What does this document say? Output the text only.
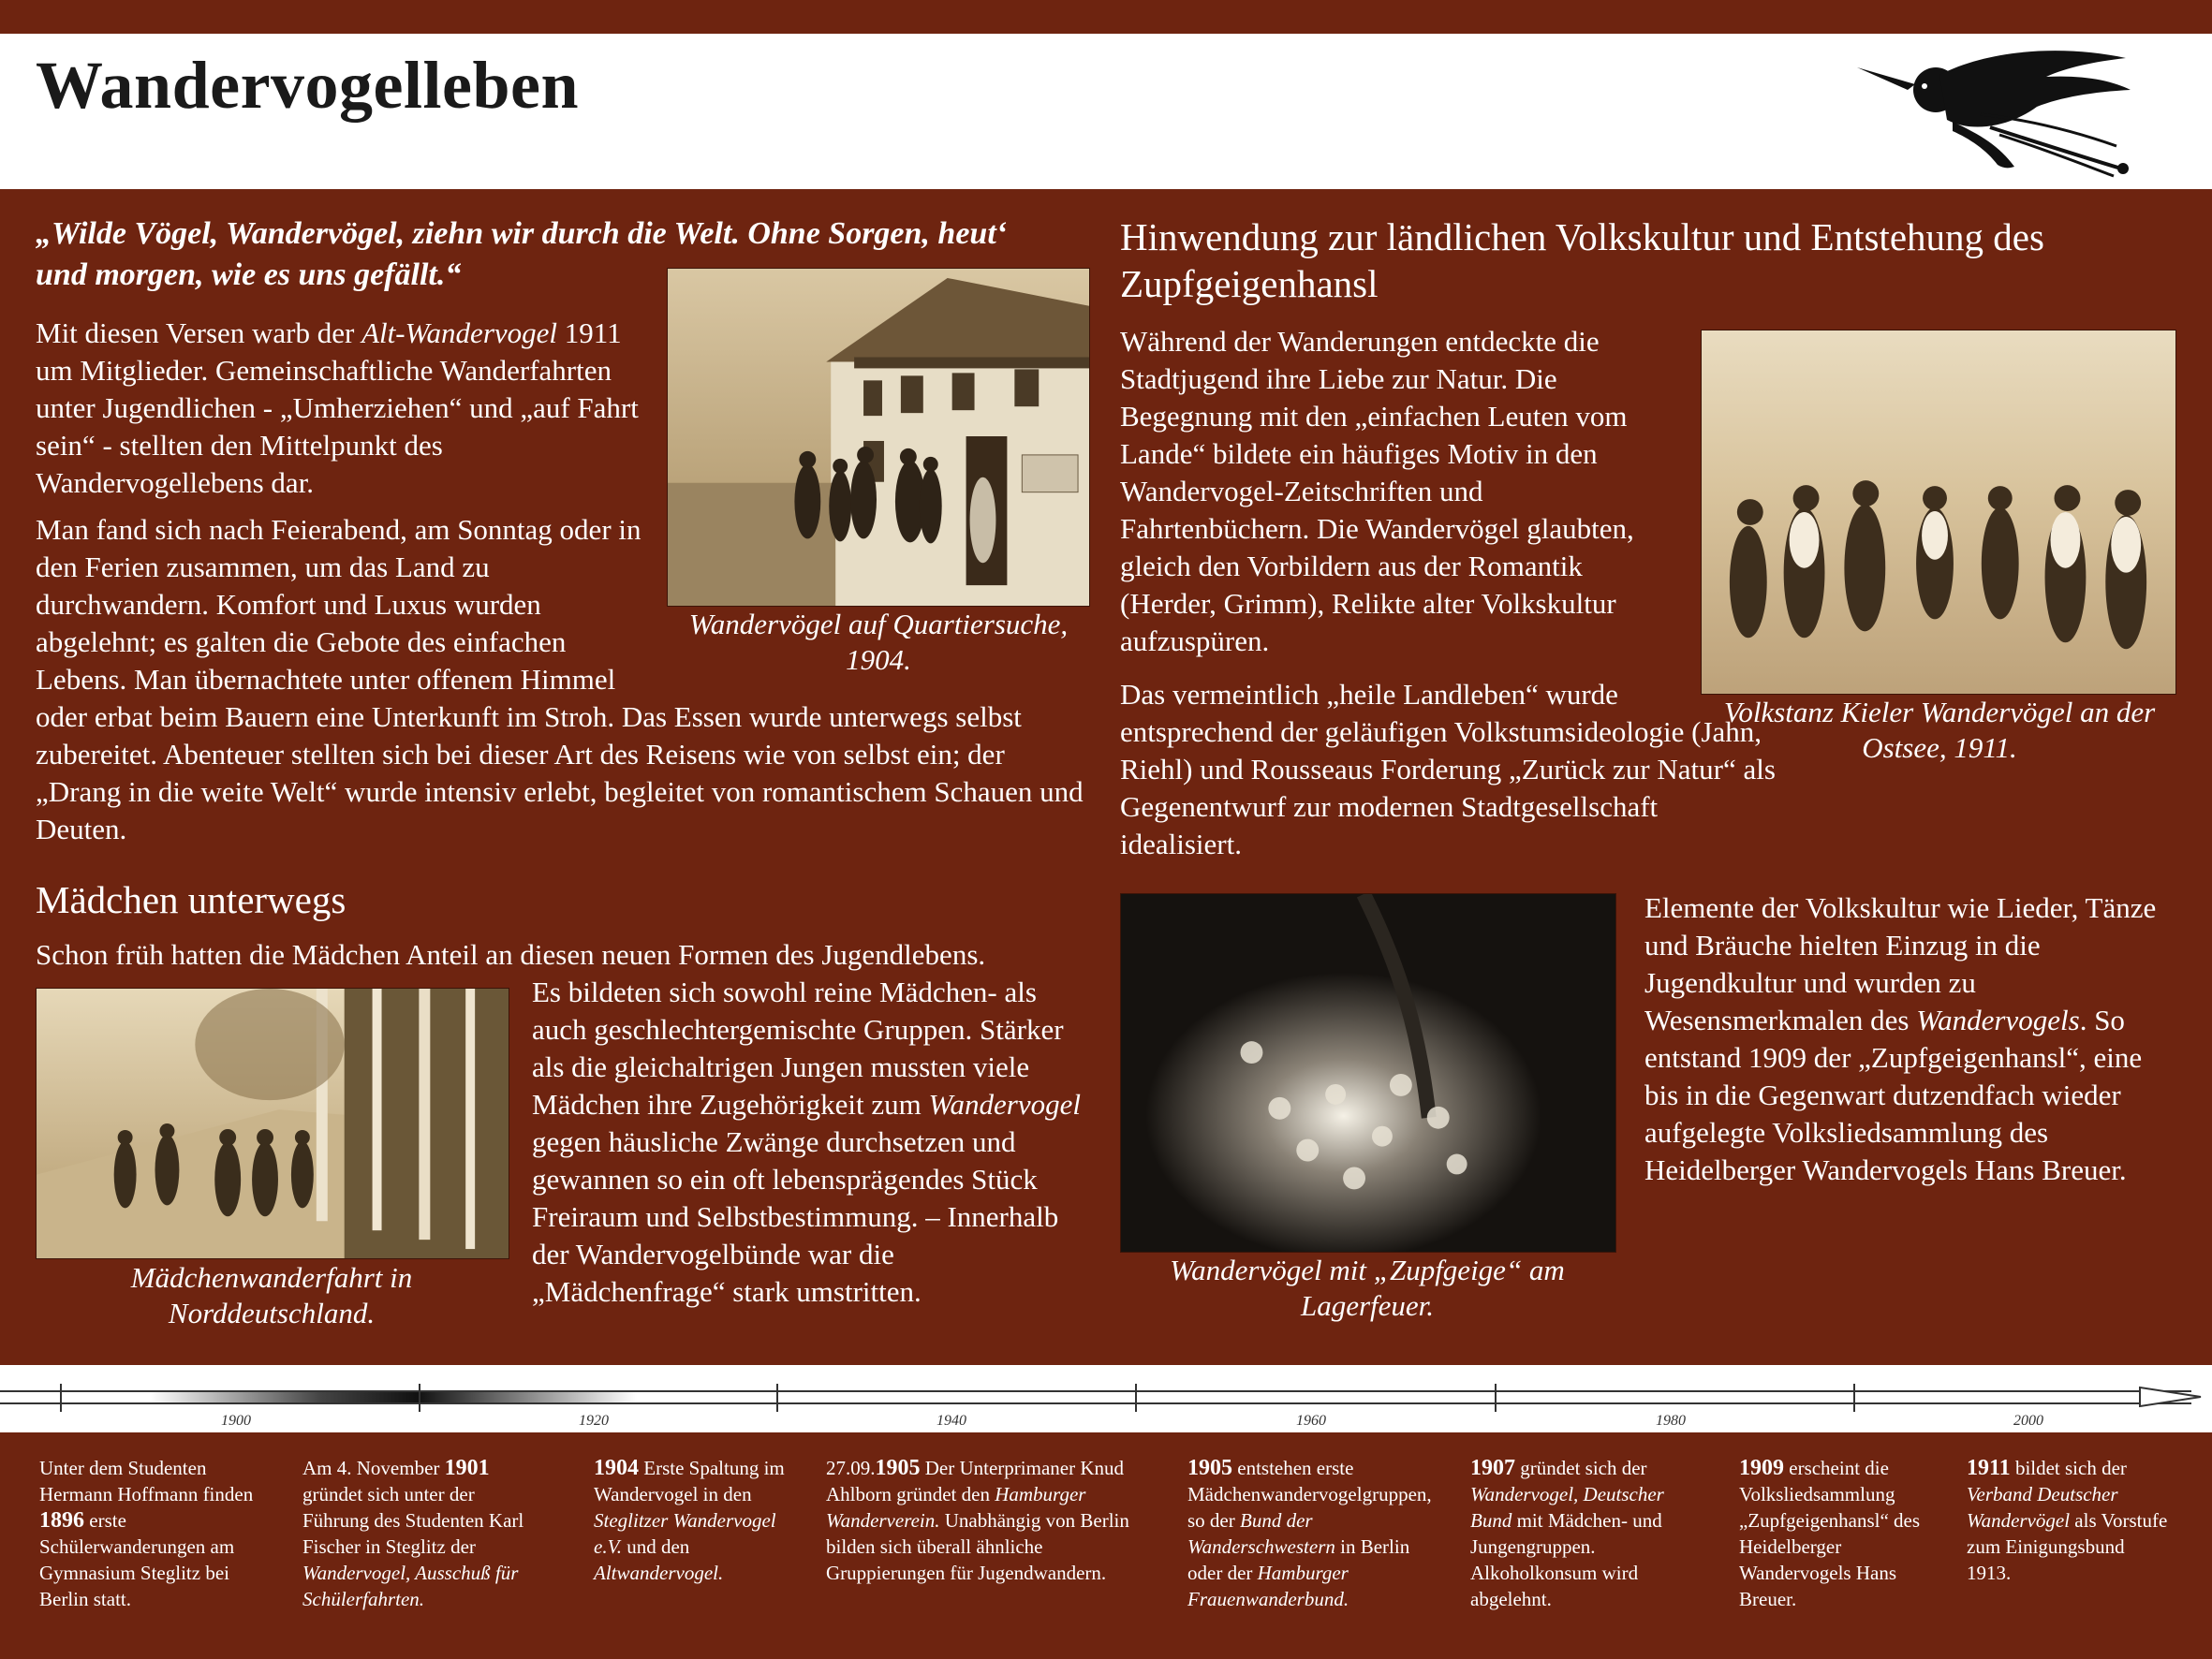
Wandervogelleben
„Wilde Vögel, Wandervögel, ziehn wir durch die Welt. Ohne Sorgen, heut‘ und morgen, wie es uns gefällt.“
Wandervögel auf Quartiersuche, 1904.
Mit diesen Versen warb der Alt-Wandervogel 1911 um Mitglieder. Gemeinschaftliche Wanderfahrten unter Jugendlichen - „Umherziehen“ und „auf Fahrt sein“ - stellten den Mittelpunkt des Wandervogellebens dar.
Man fand sich nach Feierabend, am Sonntag oder in den Ferien zusammen, um das Land zu durchwandern. Komfort und Luxus wurden abgelehnt; es galten die Gebote des einfachen Lebens. Man übernachtete unter offenem Himmel oder erbat beim Bauern eine Unterkunft im Stroh. Das Essen wurde unterwegs selbst zubereitet. Abenteuer stellten sich bei dieser Art des Reisens wie von selbst ein; der „Drang in die weite Welt“ wurde intensiv erlebt, begleitet von romantischem Schauen und Deuten.
Mädchen unterwegs
Schon früh hatten die Mädchen Anteil an diesen neuen Formen des Jugendlebens.
Mädchenwanderfahrt in Norddeutschland.
Es bildeten sich sowohl reine Mädchen- als auch geschlechtergemischte Gruppen. Stärker als die gleichaltrigen Jungen mussten viele Mädchen ihre Zugehörigkeit zum Wandervogel gegen häusliche Zwänge durchsetzen und gewannen so ein oft lebensprägendes Stück Freiraum und Selbstbestimmung. – Innerhalb der Wandervogelbünde war die „Mädchenfrage“ stark umstritten.
Hinwendung zur ländlichen Volkskultur und Entstehung des Zupfgeigenhansl
Während der Wanderungen entdeckte die Stadtjugend ihre Liebe zur Natur. Die Begegnung mit den „einfachen Leuten vom Lande“ bildete ein häufiges Motiv in den Wandervogel-Zeitschriften und Fahrtenbüchern. Die Wandervögel glaubten, gleich den Vorbildern aus der Romantik (Herder, Grimm), Relikte alter Volkskultur aufzuspüren.
Volkstanz Kieler Wandervögel an der Ostsee, 1911.
Das vermeintlich „heile Landleben“ wurde entsprechend der geläufigen Volkstumsideologie (Jahn, Riehl) und Rousseaus Forderung „Zurück zur Natur“ als Gegenentwurf zur modernen Stadtgesellschaft idealisiert.
Wandervögel mit „Zupfgeige“ am Lagerfeuer.
Elemente der Volkskultur wie Lieder, Tänze und Bräuche hielten Einzug in die Jugendkultur und wurden zu Wesensmerkmalen des Wandervogels. So entstand 1909 der „Zupfgeigenhansl“, eine bis in die Gegenwart dutzendfach wieder aufgelegte Volksliedsammlung des Heidelberger Wandervogels Hans Breuer.
1900	1920	1940	1960	1980	2000
Unter dem Studenten Hermann Hoffmann finden 1896 erste Schülerwanderungen am Gymnasium Steglitz bei Berlin statt.
Am 4. November 1901 gründet sich unter der Führung des Studenten Karl Fischer in Steglitz der Wandervogel, Ausschuß für Schülerfahrten.
1904 Erste Spaltung im Wandervogel in den Steglitzer Wandervogel e.V. und den Altwandervogel.
27.09.1905 Der Unterprimaner Knud Ahlborn gründet den Hamburger Wanderverein. Unabhängig von Berlin bilden sich überall ähnliche Gruppierungen für Jugendwandern.
1905 entstehen erste Mädchenwandervogelgruppen, so der Bund der Wanderschwestern in Berlin oder der Hamburger Frauenwanderbund.
1907 gründet sich der Wandervogel, Deutscher Bund mit Mädchen- und Jungengruppen. Alkoholkonsum wird abgelehnt.
1909 erscheint die Volksliedsammlung „Zupfgeigenhansl“ des Heidelberger Wandervogels Hans Breuer.
1911 bildet sich der Verband Deutscher Wandervögel als Vorstufe zum Einigungsbund 1913.
